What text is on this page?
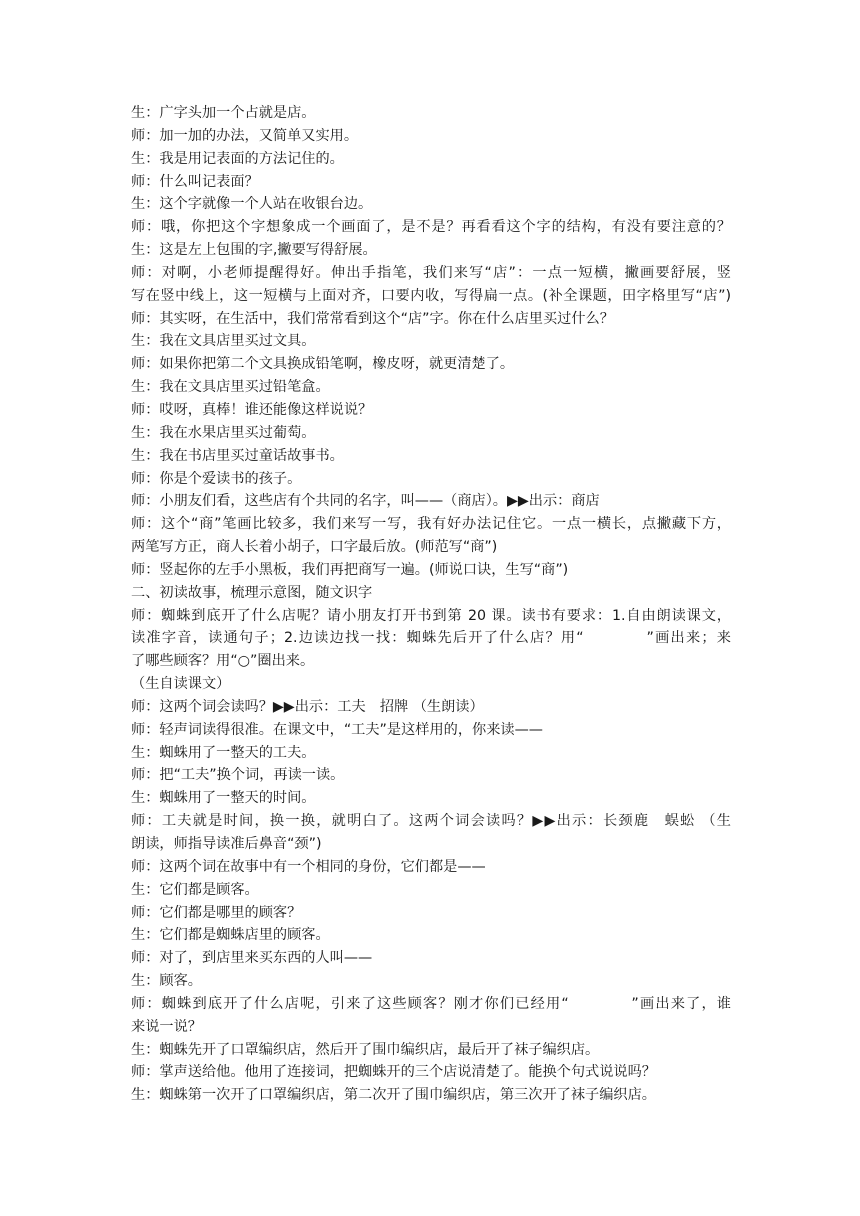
生：广字头加一个占就是店。
师：加一加的办法，又简单又实用。
生：我是用记表面的方法记住的。
师：什么叫记表面？
生：这个字就像一个人站在收银台边。
师：哦，你把这个字想象成一个画面了，是不是？再看看这个字的结构，有没有要注意的？
生：这是左上包围的字,撇要写得舒展。
师：对啊，小老师提醒得好。伸出手指笔，我们来写“店”：一点一短横，撇画要舒展，竖
写在竖中线上，这一短横与上面对齐，口要内收，写得扁一点。(补全课题，田字格里写“店”)
师：其实呀，在生活中，我们常常看到这个“店”字。你在什么店里买过什么？
生：我在文具店里买过文具。
师：如果你把第二个文具换成铅笔啊，橡皮呀，就更清楚了。
生：我在文具店里买过铅笔盒。
师：哎呀，真棒！谁还能像这样说说？
生：我在水果店里买过葡萄。
生：我在书店里买过童话故事书。
师：你是个爱读书的孩子。
师：小朋友们看，这些店有个共同的名字，叫——（商店）。▶▶出示：商店
师：这个“商”笔画比较多，我们来写一写，我有好办法记住它。一点一横长，点撇藏下方，
两笔写方正，商人长着小胡子，口字最后放。(师范写“商”)
师：竖起你的左手小黑板，我们再把商写一遍。(师说口诀，生写“商”)
二、初读故事，梳理示意图，随文识字
师：蜘蛛到底开了什么店呢？请小朋友打开书到第 20 课。读书有要求：1.自由朗读课文，
读准字音，读通句子；2.边读边找一找：蜘蛛先后开了什么店？用“　　　　”画出来；来
了哪些顾客？用“○”圈出来。
（生自读课文）
师：这两个词会读吗？▶▶出示：工夫　招牌 （生朗读）
师：轻声词读得很准。在课文中，“工夫”是这样用的，你来读——
生：蜘蛛用了一整天的工夫。
师：把“工夫”换个词，再读一读。
生：蜘蛛用了一整天的时间。
师：工夫就是时间，换一换，就明白了。这两个词会读吗？▶▶出示：长颈鹿　蜈蚣 （生
朗读，师指导读准后鼻音“颈”)
师：这两个词在故事中有一个相同的身份，它们都是——
生：它们都是顾客。
师：它们都是哪里的顾客？
生：它们都是蜘蛛店里的顾客。
师：对了，到店里来买东西的人叫——
生：顾客。
师：蜘蛛到底开了什么店呢，引来了这些顾客？刚才你们已经用“　　　　”画出来了，谁
来说一说？
生：蜘蛛先开了口罩编织店，然后开了围巾编织店，最后开了袜子编织店。
师：掌声送给他。他用了连接词，把蜘蛛开的三个店说清楚了。能换个句式说说吗？
生：蜘蛛第一次开了口罩编织店，第二次开了围巾编织店，第三次开了袜子编织店。
